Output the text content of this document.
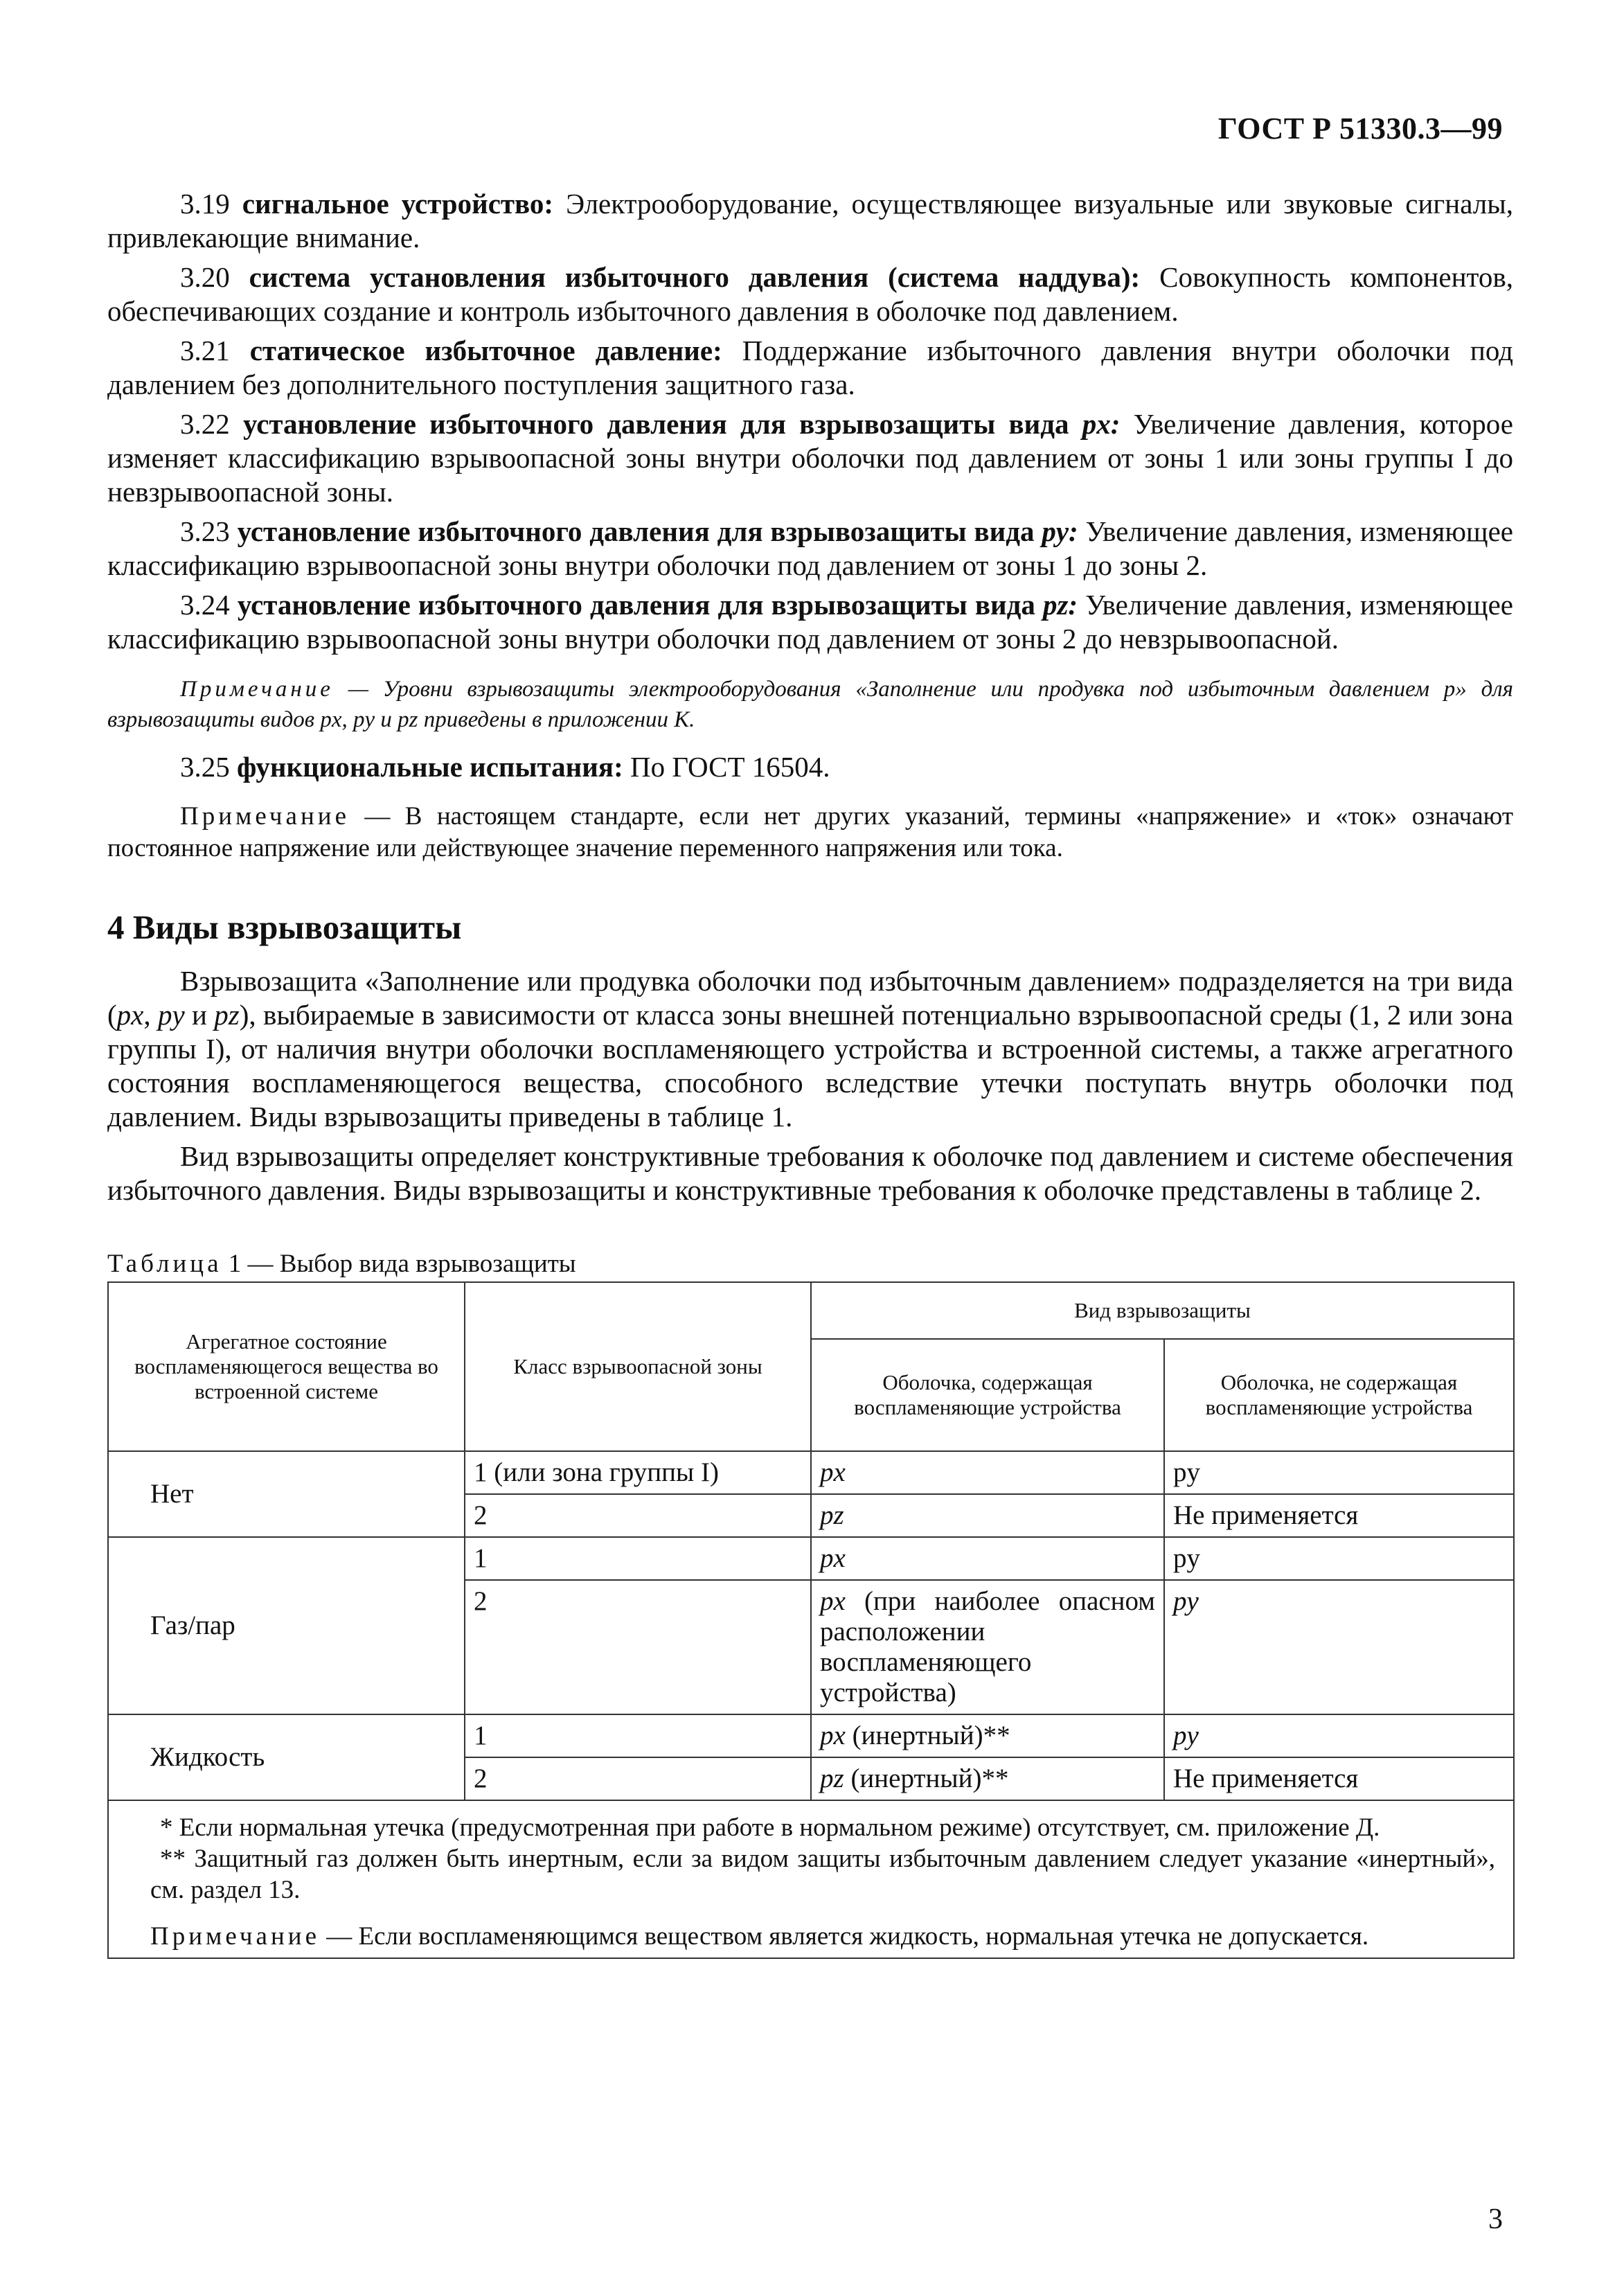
ГОСТ Р 51330.3—99

3.19 сигнальное устройство: Электрооборудование, осуществляющее визуальные или звуковые сигналы, привлекающие внимание.

3.20 система установления избыточного давления (система наддува): Совокупность компонентов, обеспечивающих создание и контроль избыточного давления в оболочке под давлением.

3.21 статическое избыточное давление: Поддержание избыточного давления внутри оболочки под давлением без дополнительного поступления защитного газа.

3.22 установление избыточного давления для взрывозащиты вида px: Увеличение давления, которое изменяет классификацию взрывоопасной зоны внутри оболочки под давлением от зоны 1 или зоны группы I до невзрывоопасной зоны.

3.23 установление избыточного давления для взрывозащиты вида py: Увеличение давления, изменяющее классификацию взрывоопасной зоны внутри оболочки под давлением от зоны 1 до зоны 2.

3.24 установление избыточного давления для взрывозащиты вида pz: Увеличение давления, изменяющее классификацию взрывоопасной зоны внутри оболочки под давлением от зоны 2 до невзрывоопасной.

Примечание — Уровни взрывозащиты электрооборудования «Заполнение или продувка под избыточным давлением р» для взрывозащиты видов px, py и pz приведены в приложении К.

3.25 функциональные испытания: По ГОСТ 16504.

Примечание — В настоящем стандарте, если нет других указаний, термины «напряжение» и «ток» означают постоянное напряжение или действующее значение переменного напряжения или тока.

4 Виды взрывозащиты

Взрывозащита «Заполнение или продувка оболочки под избыточным давлением» подразделяется на три вида (px, py и pz), выбираемые в зависимости от класса зоны внешней потенциально взрывоопасной среды (1, 2 или зона группы I), от наличия внутри оболочки воспламеняющего устройства и встроенной системы, а также агрегатного состояния воспламеняющегося вещества, способного вследствие утечки поступать внутрь оболочки под давлением. Виды взрывозащиты приведены в таблице 1.

Вид взрывозащиты определяет конструктивные требования к оболочке под давлением и системе обеспечения избыточного давления. Виды взрывозащиты и конструктивные требования к оболочке представлены в таблице 2.

Таблица 1 — Выбор вида взрывозащиты
Агрегатное состояние воспламеняющегося вещества во встроенной системе	Класс взрывоопасной зоны	Вид взрывозащиты	
		Оболочка, содержащая воспламеняющие устройства	Оболочка, не содержащая воспламеняющие устройства
Нет	1 (или зона группы I)	px	py
	2	pz	Не применяется
Газ/пар	1	px	py
	2	px (при наиболее опасном расположении воспламеняющего устройства)	py
Жидкость	1	px (инертный)**	py
	2	pz (инертный)**	Не применяется

* Если нормальная утечка (предусмотренная при работе в нормальном режиме) отсутствует, см. приложение Д.

** Защитный газ должен быть инертным, если за видом защиты избыточным давлением следует указание «инертный», см. раздел 13.

Примечание — Если воспламеняющимся веществом является жидкость, нормальная утечка не допускается.			

3
